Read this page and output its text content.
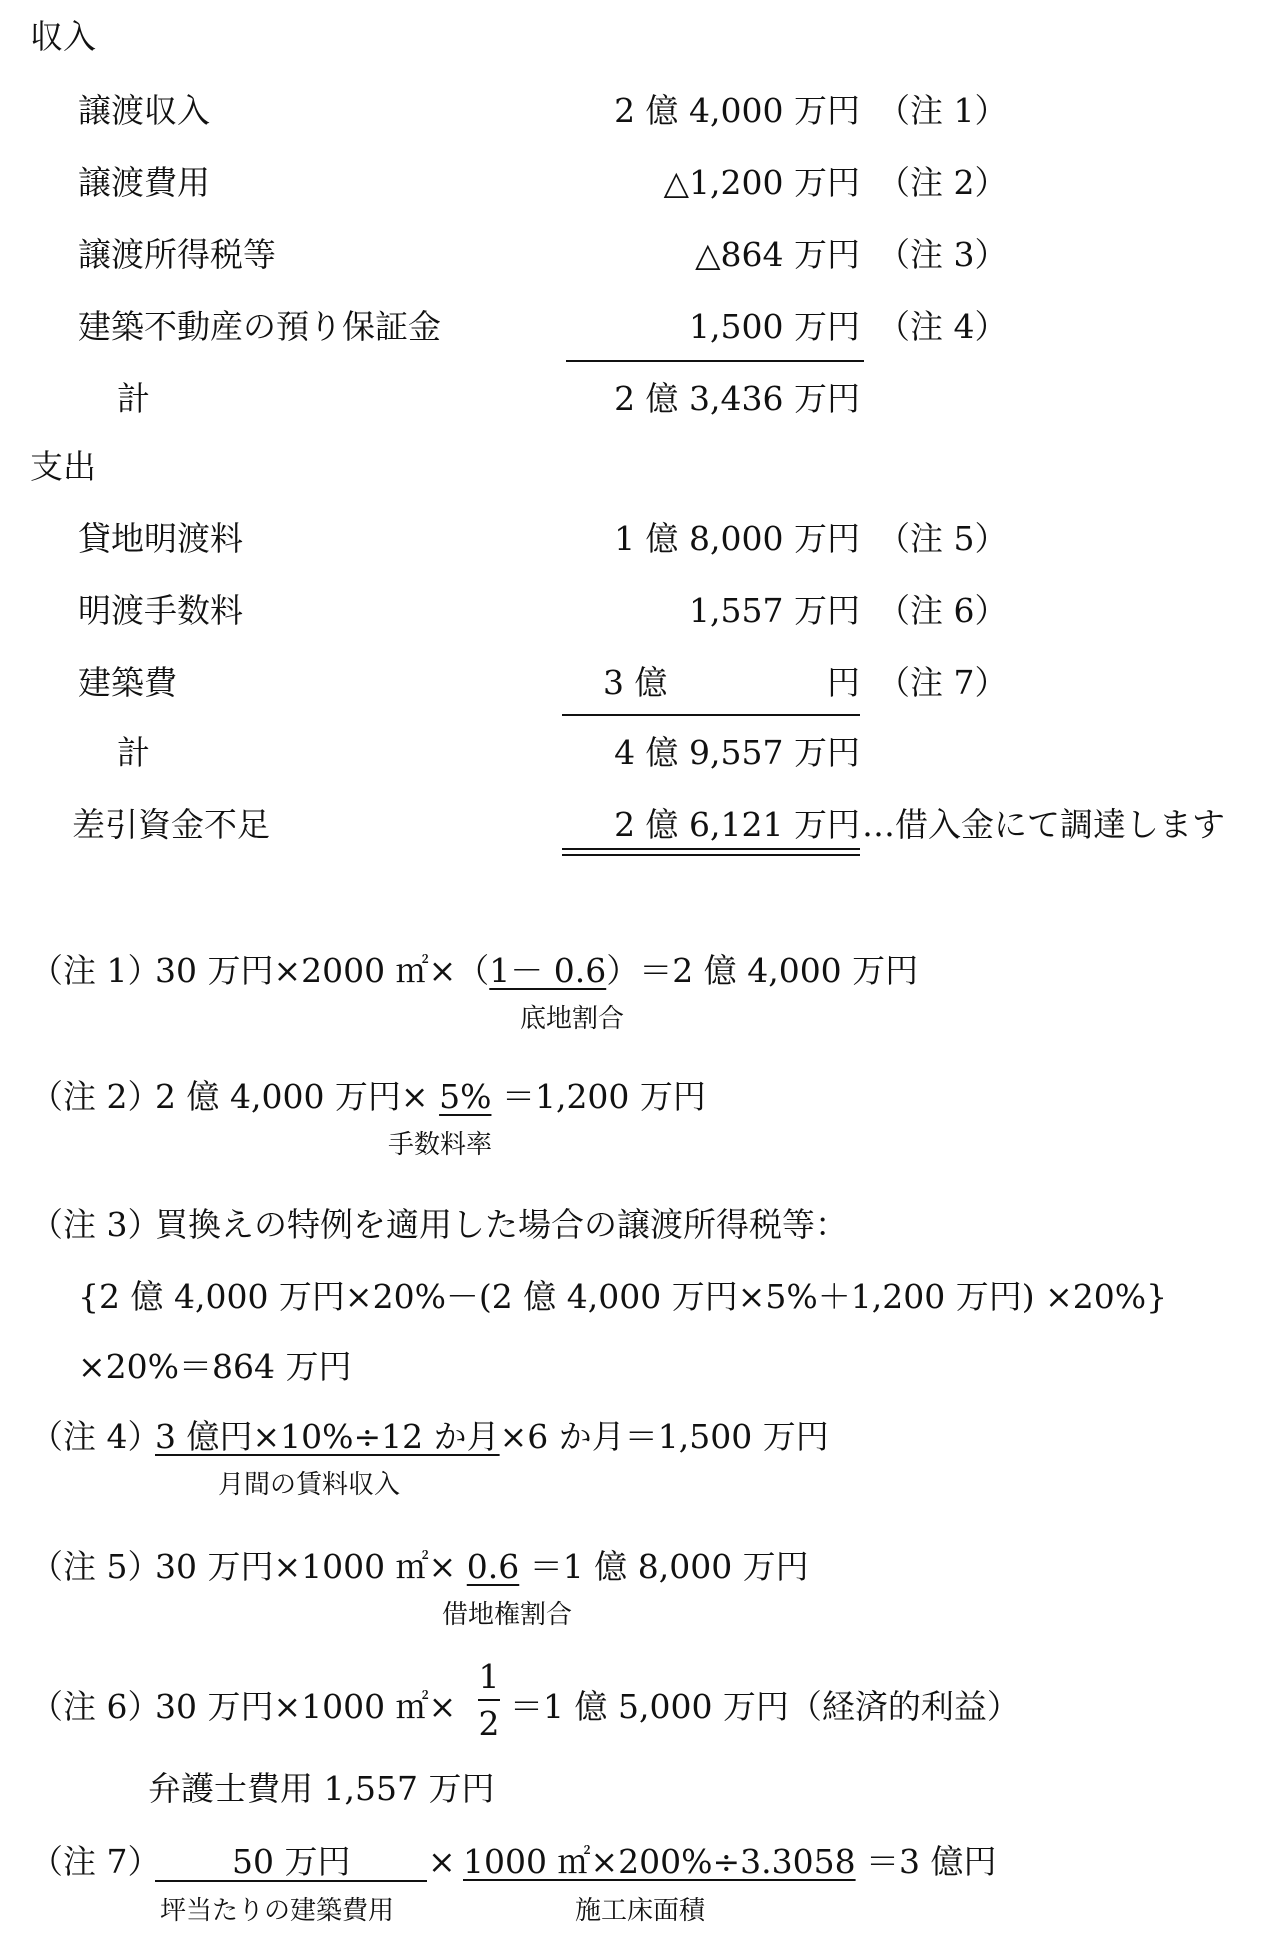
収入
譲渡収入	2 億 4,000 万円 （注 1）
譲渡費用	△1,200 万円 （注 2）
譲渡所得税等	△864 万円 （注 3）
建築不動産の預り保証金	1,500 万円 （注 4）
計	2 億 3,436 万円
支出
貸地明渡料	1 億 8,000 万円 （注 5）
明渡手数料	1,557 万円 （注 6）
建築費	3 億	円 （注 7）
計	4 億 9,557 万円
差引資金不足	2 億 6,121 万円 …借入金にて調達します
（注 1）
30 万円×2000 ㎡×（1－ 0.6）＝2 億 4,000 万円
底地割合
（注 2）
2 億 4,000 万円× 5% ＝1,200 万円
手数料率
（注 3）
買換えの特例を適用した場合の譲渡所得税等：
{2 億 4,000 万円×20%－(2 億 4,000 万円×5%＋1,200 万円) ×20%}
×20%＝864 万円
（注 4）
3 億円×10%÷12 か月×6 か月＝1,500 万円
月間の賃料収入
（注 5）
30 万円×1000 ㎡× 0.6 ＝1 億 8,000 万円
借地権割合
（注 6）
30 万円×1000 ㎡×
1
2 ＝1 億 5,000 万円（経済的利益）
弁護士費用 1,557 万円
（注 7） 50 万円 × 1000 ㎡×200%÷3.3058 ＝3 億円
坪当たりの建築費用	施工床面積
